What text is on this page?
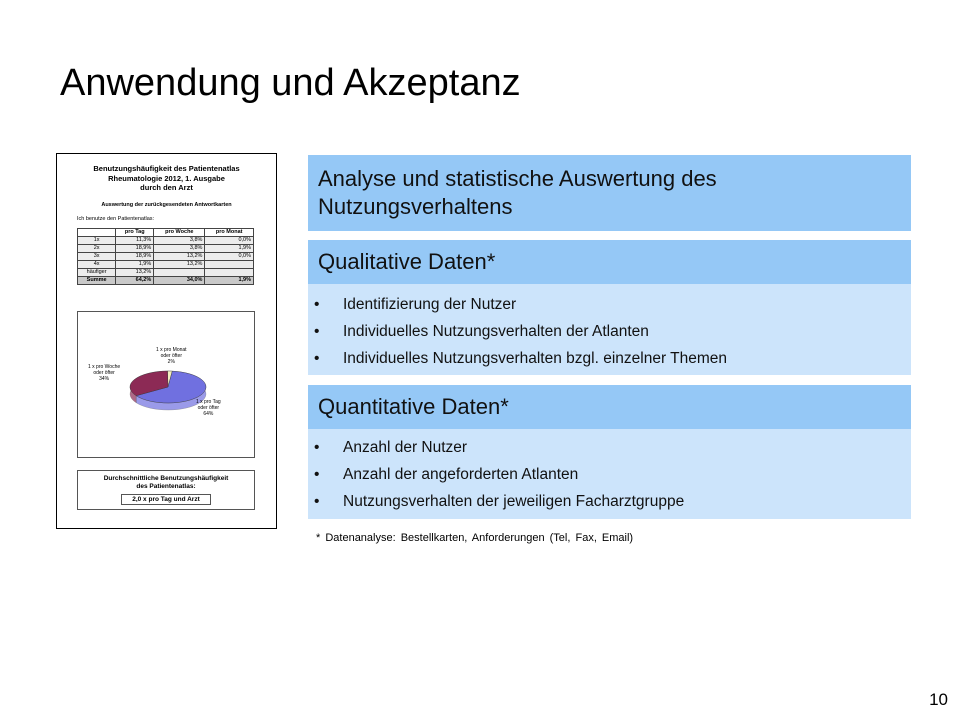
Anwendung und Akzeptanz
Benutzungshäufigkeit des Patientenatlas
Rheumatologie 2012, 1. Ausgabe
durch den Arzt
Auswertung der zurückgesendeten Antwortkarten
Ich benutze den Patientenatlas:
	pro Tag	pro Woche	pro Monat
1x	11,3%	3,8%	0,0%
2x	18,9%	3,8%	1,9%
3x	18,9%	13,2%	0,0%
4x	1,9%	13,2%	
häufiger	13,2%		
Summe	64,2%	34,0%	1,9%
1 x pro Monat
oder öfter
2%
1 x pro Woche
oder öfter
34%
1 x pro Tag
oder öfter
64%
Durchschnittliche Benutzungshäufigkeit
des Patientenatlas:
2,0 x pro Tag und Arzt
Analyse und statistische Auswertung des Nutzungsverhaltens
Qualitative Daten*
• Identifizierung der Nutzer
• Individuelles Nutzungsverhalten der Atlanten
• Individuelles Nutzungsverhalten bzgl. einzelner Themen
Quantitative Daten*
• Anzahl der Nutzer
• Anzahl der angeforderten Atlanten
• Nutzungsverhalten der jeweiligen Facharztgruppe
* Datenanalyse: Bestellkarten, Anforderungen (Tel, Fax, Email)
10
